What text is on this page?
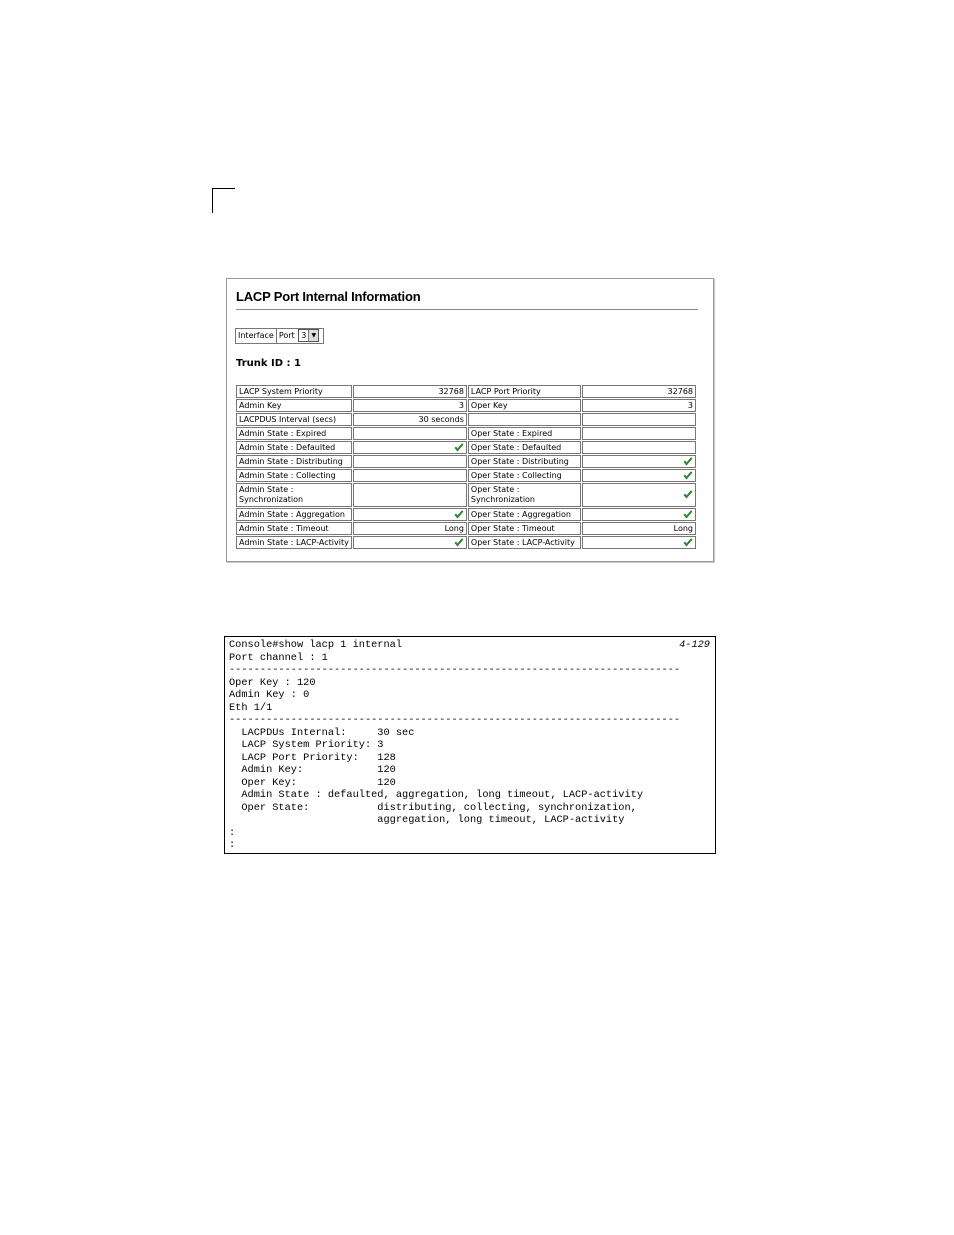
LACP Port Internal Information
Interface Port 3 ▼
Trunk ID : 1
LACP System Priority	32768	LACP Port Priority	32768
Admin Key	3	Oper Key	3
LACPDUS Interval (secs)	30 seconds		
Admin State : Expired		Oper State : Expired	
Admin State : Defaulted		Oper State : Defaulted	
Admin State : Distributing		Oper State : Distributing	
Admin State : Collecting		Oper State : Collecting	
Admin State : Synchronization		Oper State : Synchronization	
Admin State : Aggregation		Oper State : Aggregation	
Admin State : Timeout	Long	Oper State : Timeout	Long
Admin State : LACP-Activity		Oper State : LACP-Activity	
Console#show lacp 1 internal
Port channel : 1
-------------------------------------------------------------------------
Oper Key : 120
Admin Key : 0
Eth 1/1
-------------------------------------------------------------------------
LACPDUs Internal:     30 sec
LACP System Priority: 3
LACP Port Priority:   128
Admin Key:            120
Oper Key:             120
Admin State : defaulted, aggregation, long timeout, LACP-activity
Oper State:           distributing, collecting, synchronization,
aggregation, long timeout, LACP-activity
:
:
4-129
